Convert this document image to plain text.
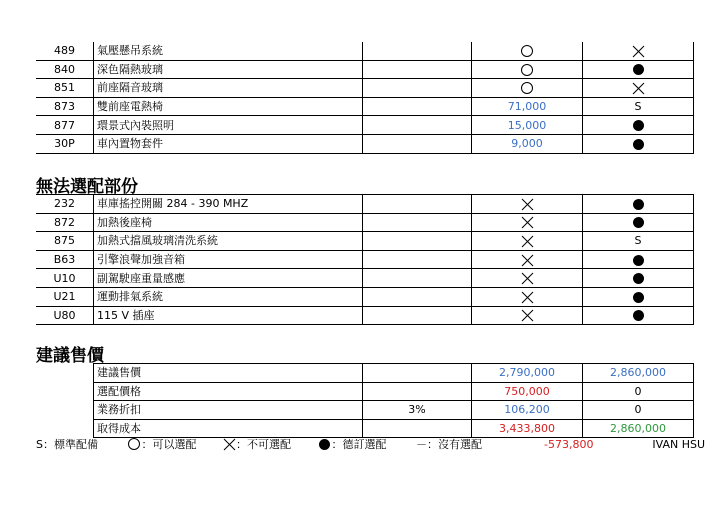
489	氣壓懸吊系統				
840	深色隔熱玻璃				
851	前座隔音玻璃				
873	雙前座電熱椅		71,000	S	
877	環景式內裝照明		15,000		
30P	車內置物套件		9,000		
無法選配部份
232	車庫搖控開關 284 - 390 MHZ				
872	加熱後座椅				
875	加熱式擋風玻璃清洗系統			S	
B63	引擎浪聲加強音箱				
U10	副駕駛座重量感應				
U21	運動排氣系統				
U80	115 V 插座				
建議售價
	建議售價		2,790,000	2,860,000	
	選配價格		750,000	0	
	業務折扣	3%	106,200	0	
	取得成本		3,433,800	2,860,000	
S：標準配備	：可以選配	：不可選配	：德訂選配	－：沒有選配	-573,800	IVAN HSU
